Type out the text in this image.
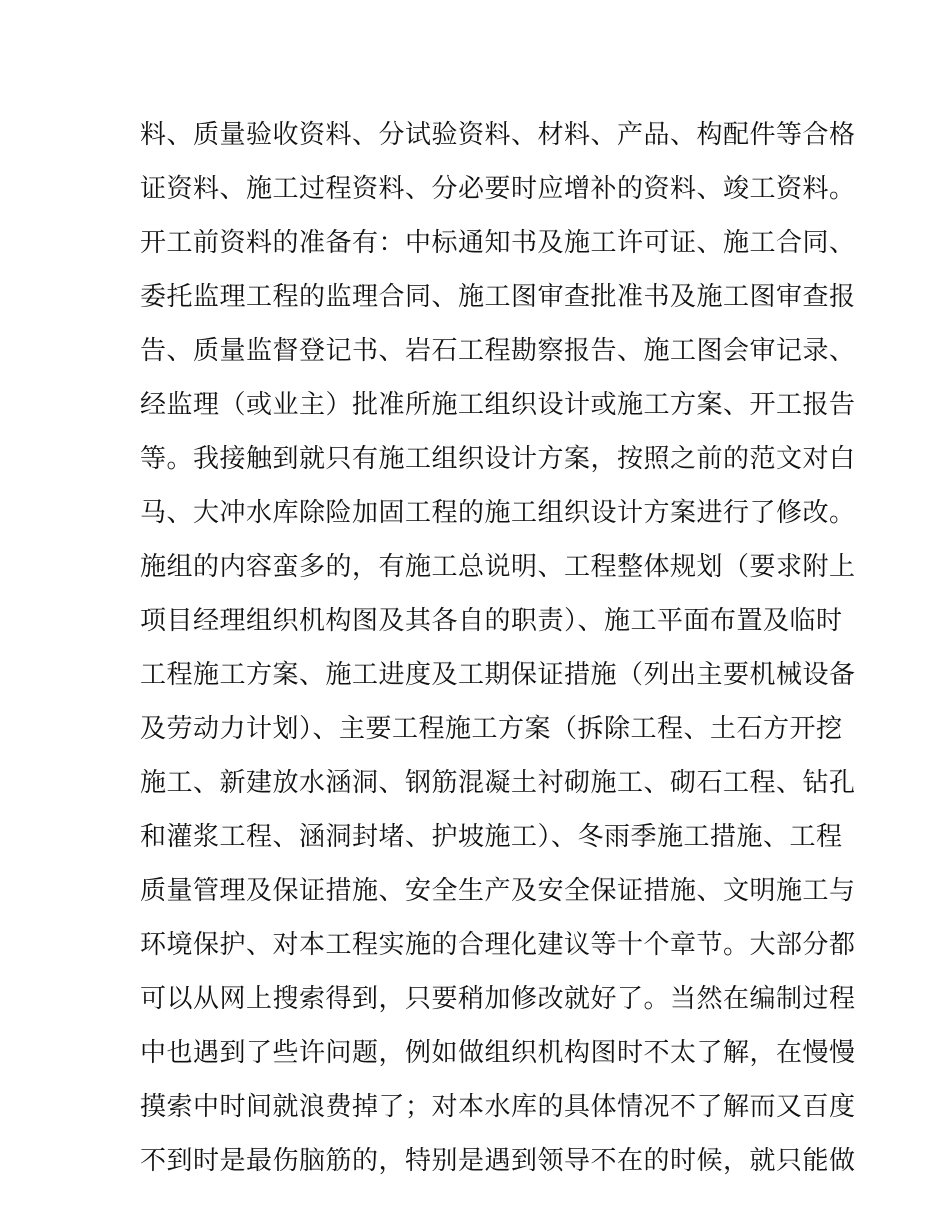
料、质量验收资料、分试验资料、材料、产品、构配件等合格
证资料、施工过程资料、分必要时应增补的资料、竣工资料。
开工前资料的准备有：中标通知书及施工许可证、施工合同、
委托监理工程的监理合同、施工图审查批准书及施工图审查报
告、质量监督登记书、岩石工程勘察报告、施工图会审记录、
经监理（或业主）批准所施工组织设计或施工方案、开工报告
等。我接触到就只有施工组织设计方案，按照之前的范文对白
马、大冲水库除险加固工程的施工组织设计方案进行了修改。
施组的内容蛮多的，有施工总说明、工程整体规划（要求附上
项目经理组织机构图及其各自的职责）、施工平面布置及临时
工程施工方案、施工进度及工期保证措施（列出主要机械设备
及劳动力计划）、主要工程施工方案（拆除工程、土石方开挖
施工、新建放水涵洞、钢筋混凝土衬砌施工、砌石工程、钻孔
和灌浆工程、涵洞封堵、护坡施工）、冬雨季施工措施、工程
质量管理及保证措施、安全生产及安全保证措施、文明施工与
环境保护、对本工程实施的合理化建议等十个章节。大部分都
可以从网上搜索得到，只要稍加修改就好了。当然在编制过程
中也遇到了些许问题，例如做组织机构图时不太了解，在慢慢
摸索中时间就浪费掉了；对本水库的具体情况不了解而又百度
不到时是最伤脑筋的，特别是遇到领导不在的时候，就只能做
